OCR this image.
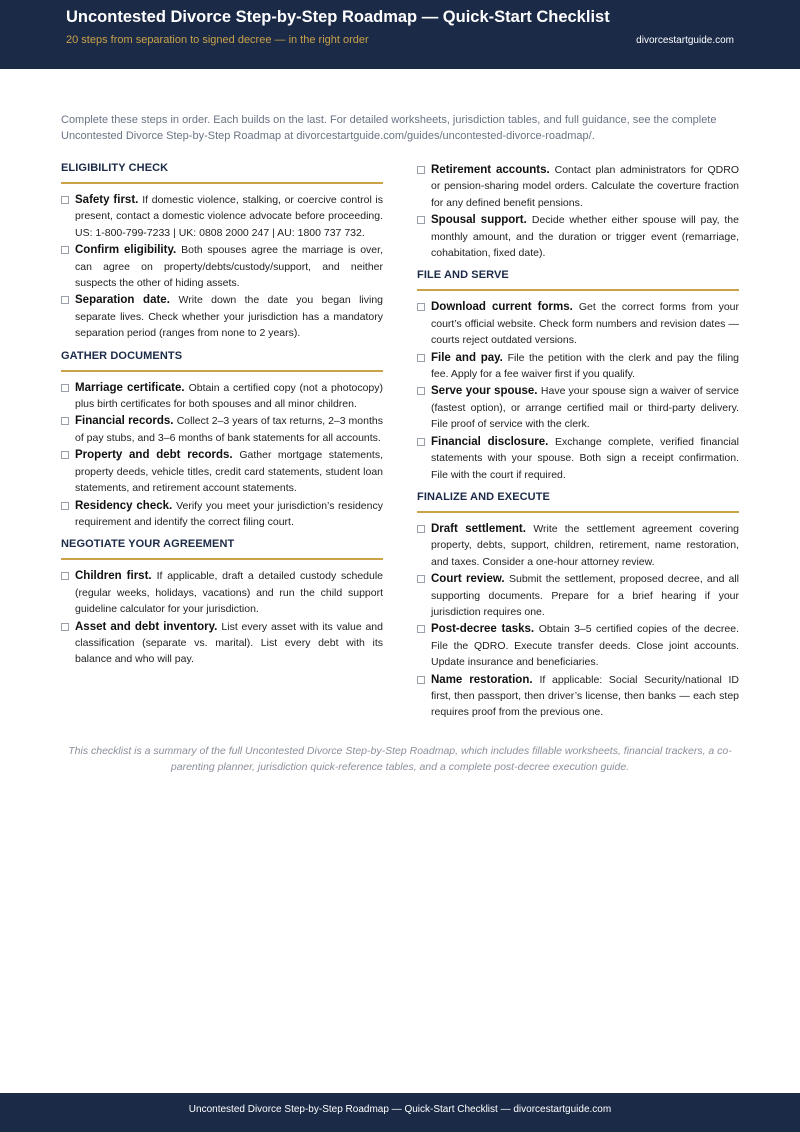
Uncontested Divorce Step-by-Step Roadmap — Quick-Start Checklist
20 steps from separation to signed decree — in the right order	divorcestartguide.com
Complete these steps in order. Each builds on the last. For detailed worksheets, jurisdiction tables, and full guidance, see the complete Uncontested Divorce Step-by-Step Roadmap at divorcestartguide.com/guides/uncontested-divorce-roadmap/.
ELIGIBILITY CHECK
Safety first. If domestic violence, stalking, or coercive control is present, contact a domestic violence advocate before proceeding. US: 1-800-799-7233 | UK: 0808 2000 247 | AU: 1800 737 732.
Confirm eligibility. Both spouses agree the marriage is over, can agree on property/debts/custody/support, and neither suspects the other of hiding assets.
Separation date. Write down the date you began living separate lives. Check whether your jurisdiction has a mandatory separation period (ranges from none to 2 years).
GATHER DOCUMENTS
Marriage certificate. Obtain a certified copy (not a photocopy) plus birth certificates for both spouses and all minor children.
Financial records. Collect 2–3 years of tax returns, 2–3 months of pay stubs, and 3–6 months of bank statements for all accounts.
Property and debt records. Gather mortgage statements, property deeds, vehicle titles, credit card statements, student loan statements, and retirement account statements.
Residency check. Verify you meet your jurisdiction’s residency requirement and identify the correct filing court.
NEGOTIATE YOUR AGREEMENT
Children first. If applicable, draft a detailed custody schedule (regular weeks, holidays, vacations) and run the child support guideline calculator for your jurisdiction.
Asset and debt inventory. List every asset with its value and classification (separate vs. marital). List every debt with its balance and who will pay.
Retirement accounts. Contact plan administrators for QDRO or pension-sharing model orders. Calculate the coverture fraction for any defined benefit pensions.
Spousal support. Decide whether either spouse will pay, the monthly amount, and the duration or trigger event (remarriage, cohabitation, fixed date).
FILE AND SERVE
Download current forms. Get the correct forms from your court’s official website. Check form numbers and revision dates — courts reject outdated versions.
File and pay. File the petition with the clerk and pay the filing fee. Apply for a fee waiver first if you qualify.
Serve your spouse. Have your spouse sign a waiver of service (fastest option), or arrange certified mail or third-party delivery. File proof of service with the clerk.
Financial disclosure. Exchange complete, verified financial statements with your spouse. Both sign a receipt confirmation. File with the court if required.
FINALIZE AND EXECUTE
Draft settlement. Write the settlement agreement covering property, debts, support, children, retirement, name restoration, and taxes. Consider a one-hour attorney review.
Court review. Submit the settlement, proposed decree, and all supporting documents. Prepare for a brief hearing if your jurisdiction requires one.
Post-decree tasks. Obtain 3–5 certified copies of the decree. File the QDRO. Execute transfer deeds. Close joint accounts. Update insurance and beneficiaries.
Name restoration. If applicable: Social Security/national ID first, then passport, then driver’s license, then banks — each step requires proof from the previous one.
This checklist is a summary of the full Uncontested Divorce Step-by-Step Roadmap, which includes fillable worksheets, financial trackers, a co-parenting planner, jurisdiction quick-reference tables, and a complete post-decree execution guide.
Uncontested Divorce Step-by-Step Roadmap — Quick-Start Checklist — divorcestartguide.com
